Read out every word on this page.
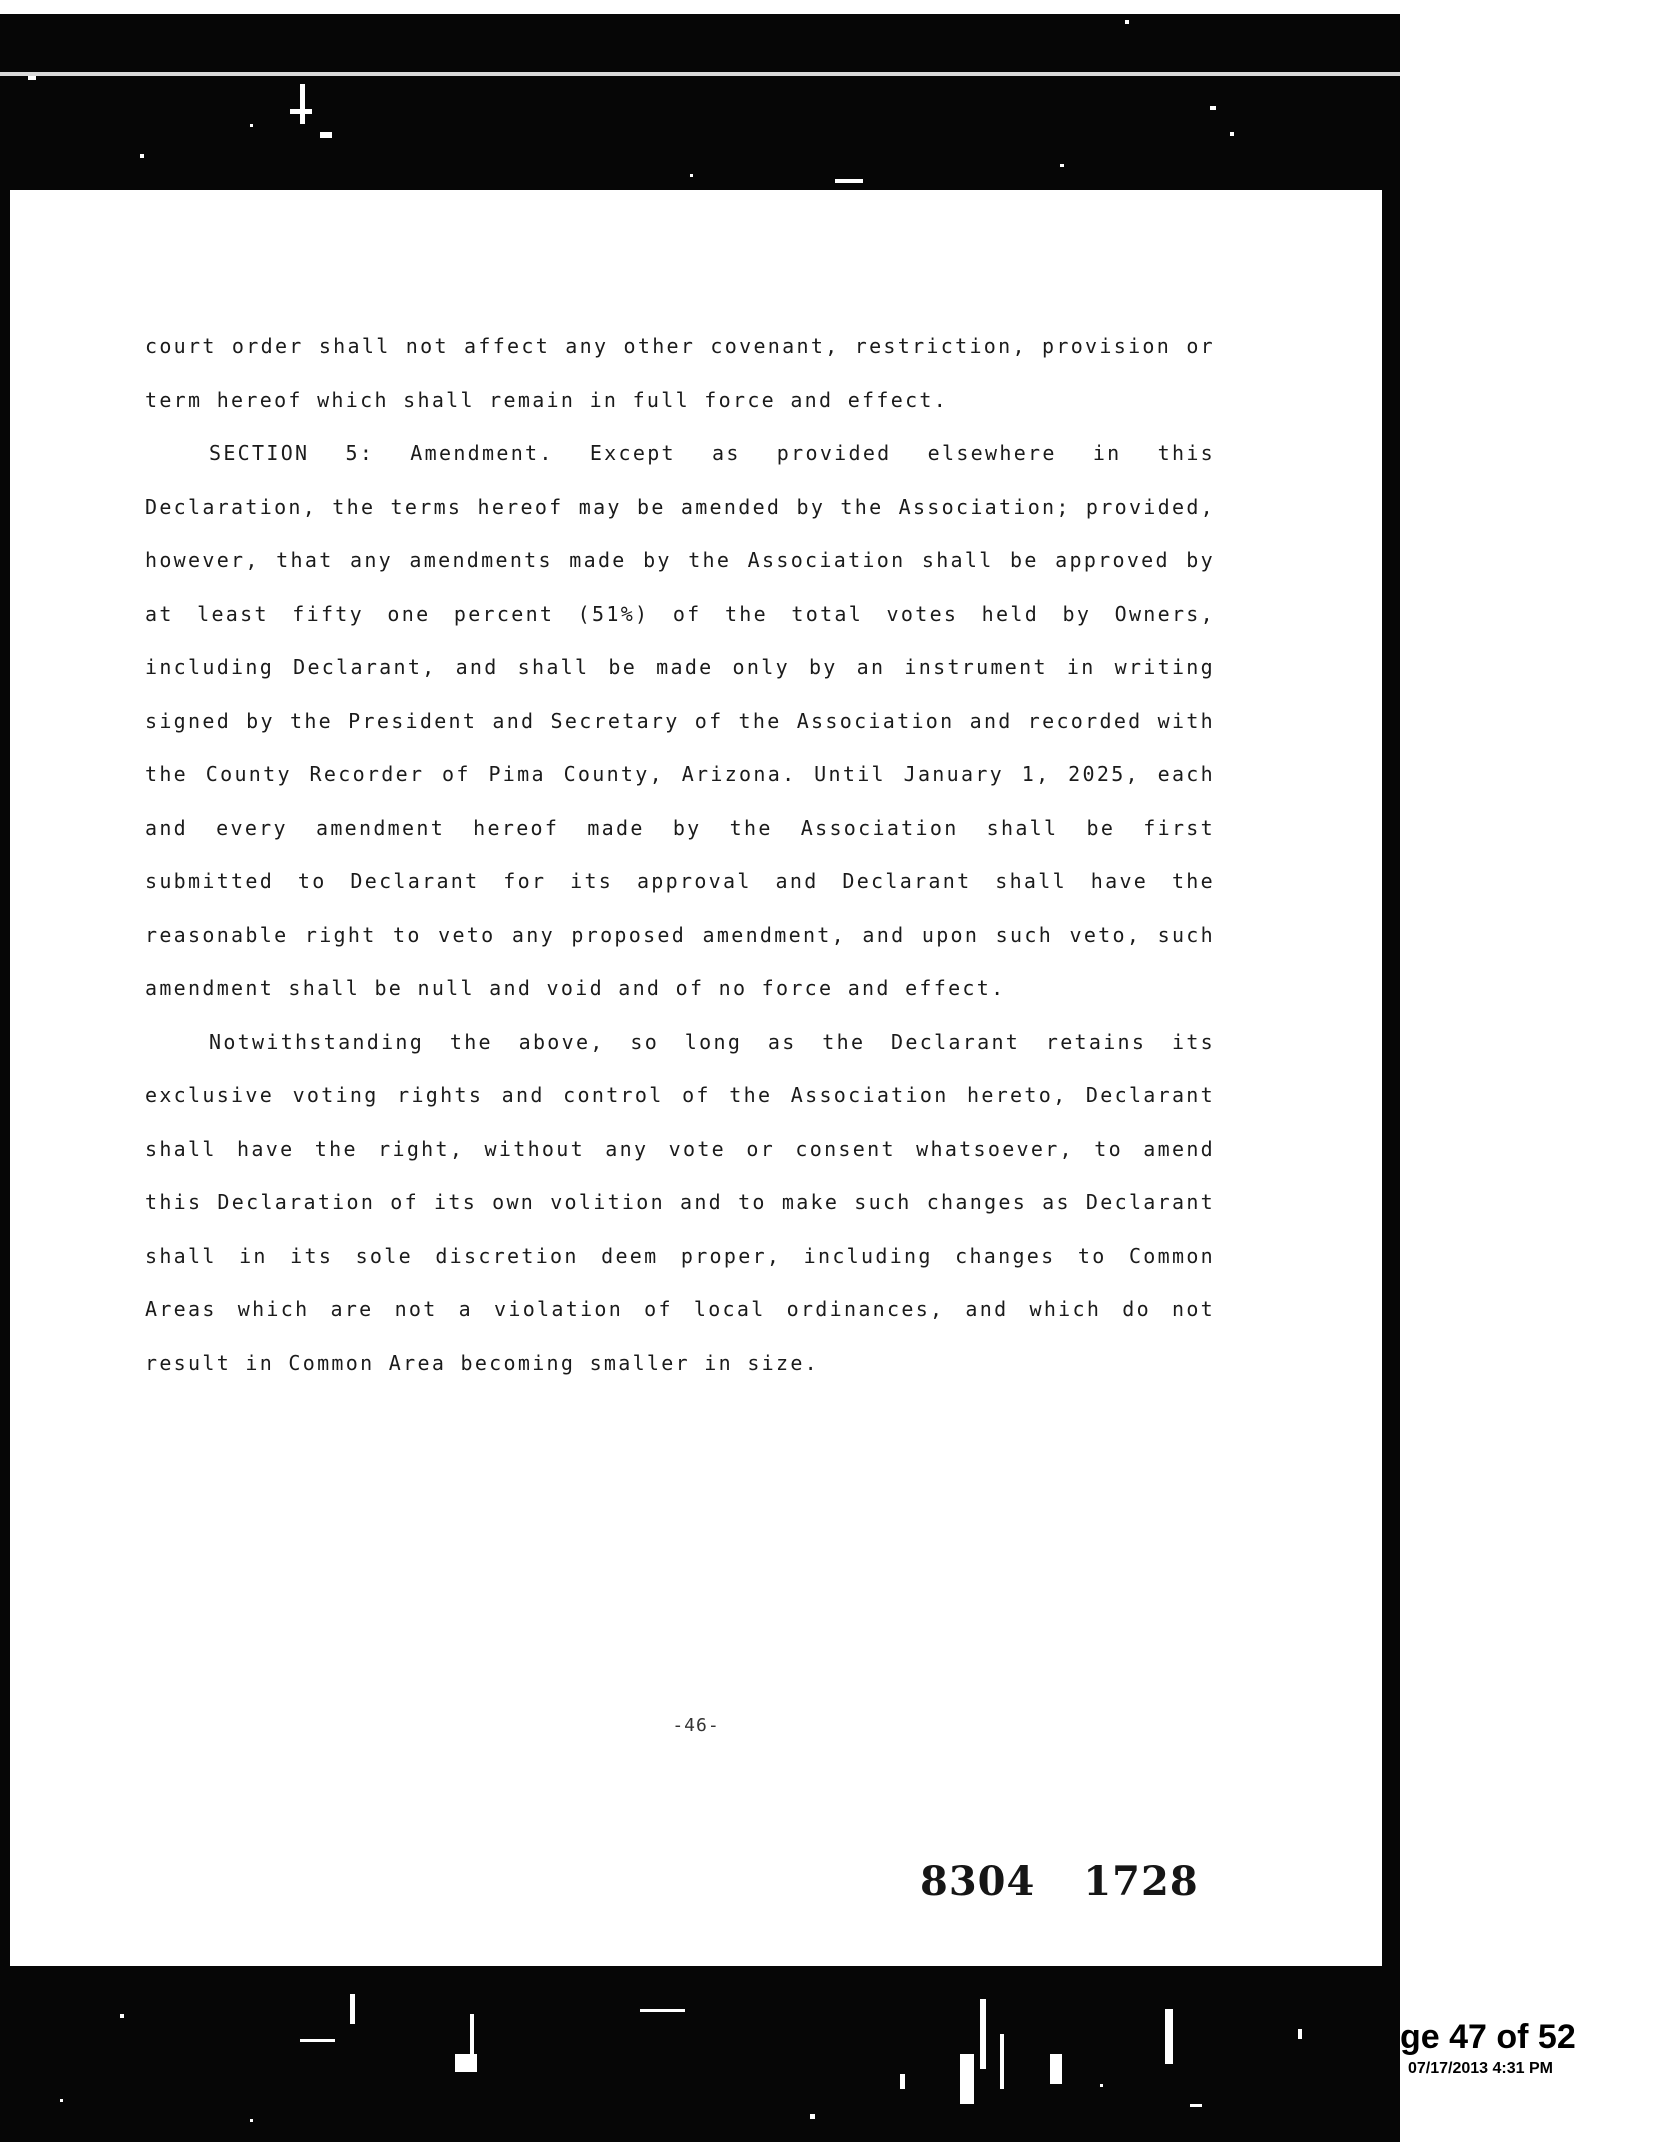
court order shall not affect any other covenant, restriction, provision or term hereof which shall remain in full force and effect.

SECTION 5: Amendment. Except as provided elsewhere in this Declaration, the terms hereof may be amended by the Association; provided, however, that any amendments made by the Association shall be approved by at least fifty one percent (51%) of the total votes held by Owners, including Declarant, and shall be made only by an instrument in writing signed by the President and Secretary of the Association and recorded with the County Recorder of Pima County, Arizona. Until January 1, 2025, each and every amendment hereof made by the Association shall be first submitted to Declarant for its approval and Declarant shall have the reasonable right to veto any proposed amendment, and upon such veto, such amendment shall be null and void and of no force and effect.

Notwithstanding the above, so long as the Declarant retains its exclusive voting rights and control of the Association hereto, Declarant shall have the right, without any vote or consent whatsoever, to amend this Declaration of its own volition and to make such changes as Declarant shall in its sole discretion deem proper, including changes to Common Areas which are not a violation of local ordinances, and which do not result in Common Area becoming smaller in size.

-46-
8304 1728
ge 47 of 52
07/17/2013 4:31 PM
